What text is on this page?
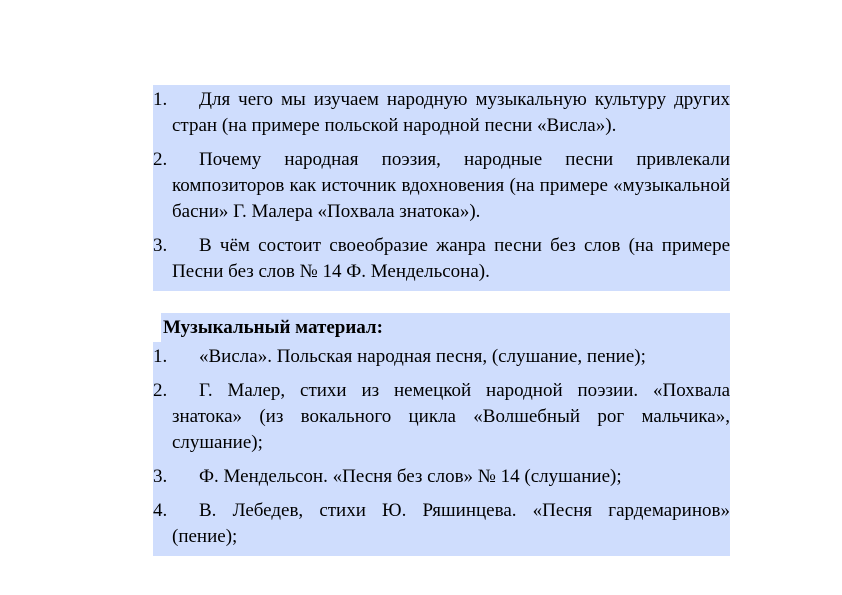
1.	Для чего мы изучаем народную музыкальную культуру других стран (на примере польской народной песни «Висла»).
2.	Почему народная поэзия, народные песни привлекали композиторов как источник вдохновения (на примере «музыкальной басни» Г. Малера «Похвала знатока»).
3.	В чём состоит своеобразие жанра песни без слов (на примере Песни без слов № 14 Ф. Мендельсона).
Музыкальный материал:
1.	«Висла». Польская народная песня, (слушание, пение);
2.	Г. Малер, стихи из немецкой народной поэзии. «Похвала знатока» (из вокального цикла «Волшебный рог мальчика», слушание);
3.	Ф. Мендельсон. «Песня без слов» № 14 (слушание);
4.	В. Лебедев, стихи Ю. Ряшинцева. «Песня гардемаринов» (пение);
